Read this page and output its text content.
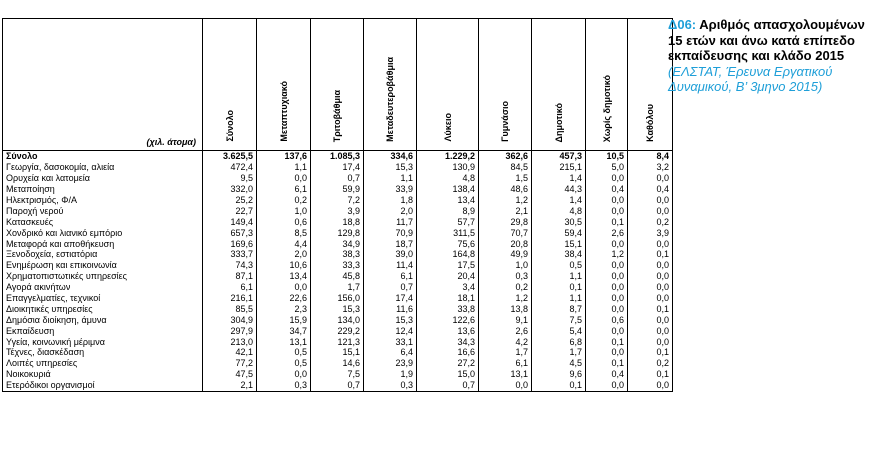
(χιλ. άτομα)	Σύνολο	Μεταπτυχιακό	Τριτοβάθμια	Μεταδευτεροβάθμια	Λύκειο	Γυμνάσιο	Δημοτικό	Χωρίς δημοτικό	Καθόλου

Σύνολο	3.625,5	137,6	1.085,3	334,6	1.229,2	362,6	457,3	10,5	8,4
Γεωργία, δασοκομία, αλιεία	472,4	1,1	17,4	15,3	130,9	84,5	215,1	5,0	3,2
Ορυχεία και λατομεία	9,5	0,0	0,7	1,1	4,8	1,5	1,4	0,0	0,0
Μεταποίηση	332,0	6,1	59,9	33,9	138,4	48,6	44,3	0,4	0,4
Ηλεκτρισμός, Φ/Α	25,2	0,2	7,2	1,8	13,4	1,2	1,4	0,0	0,0
Παροχή νερού	22,7	1,0	3,9	2,0	8,9	2,1	4,8	0,0	0,0
Κατασκευές	149,4	0,6	18,8	11,7	57,7	29,8	30,5	0,1	0,2
Χονδρικό και λιανικό εμπόριο	657,3	8,5	129,8	70,9	311,5	70,7	59,4	2,6	3,9
Μεταφορά και αποθήκευση	169,6	4,4	34,9	18,7	75,6	20,8	15,1	0,0	0,0
Ξενοδοχεία, εστιατόρια	333,7	2,0	38,3	39,0	164,8	49,9	38,4	1,2	0,1
Ενημέρωση και επικοινωνία	74,3	10,6	33,3	11,4	17,5	1,0	0,5	0,0	0,0
Χρηματοπιστωτικές υπηρεσίες	87,1	13,4	45,8	6,1	20,4	0,3	1,1	0,0	0,0
Αγορά ακινήτων	6,1	0,0	1,7	0,7	3,4	0,2	0,1	0,0	0,0
Επαγγελματίες, τεχνικοί	216,1	22,6	156,0	17,4	18,1	1,2	1,1	0,0	0,0
Διοικητικές υπηρεσίες	85,5	2,3	15,3	11,6	33,8	13,8	8,7	0,0	0,1
Δημόσια διοίκηση, άμυνα	304,9	15,9	134,0	15,3	122,6	9,1	7,5	0,6	0,0
Εκπαίδευση	297,9	34,7	229,2	12,4	13,6	2,6	5,4	0,0	0,0
Υγεία, κοινωνική μέριμνα	213,0	13,1	121,3	33,1	34,3	4,2	6,8	0,1	0,0
Τέχνες, διασκέδαση	42,1	0,5	15,1	6,4	16,6	1,7	1,7	0,0	0,1
Λοιπές υπηρεσίες	77,2	0,5	14,6	23,9	27,2	6,1	4,5	0,1	0,2
Νοικοκυριά	47,5	0,0	7,5	1,9	15,0	13,1	9,6	0,4	0,1
Ετερόδικοι οργανισμοί	2,1	0,3	0,7	0,3	0,7	0,0	0,1	0,0	0,0
Δ06: Αριθμός απασχολουμένων 15 ετών και άνω κατά επίπεδο εκπαίδευσης και κλάδο 2015 (ΕΛΣΤΑΤ, Έρευνα Εργατικού Δυναμικού, Β’ 3μηνο 2015)
